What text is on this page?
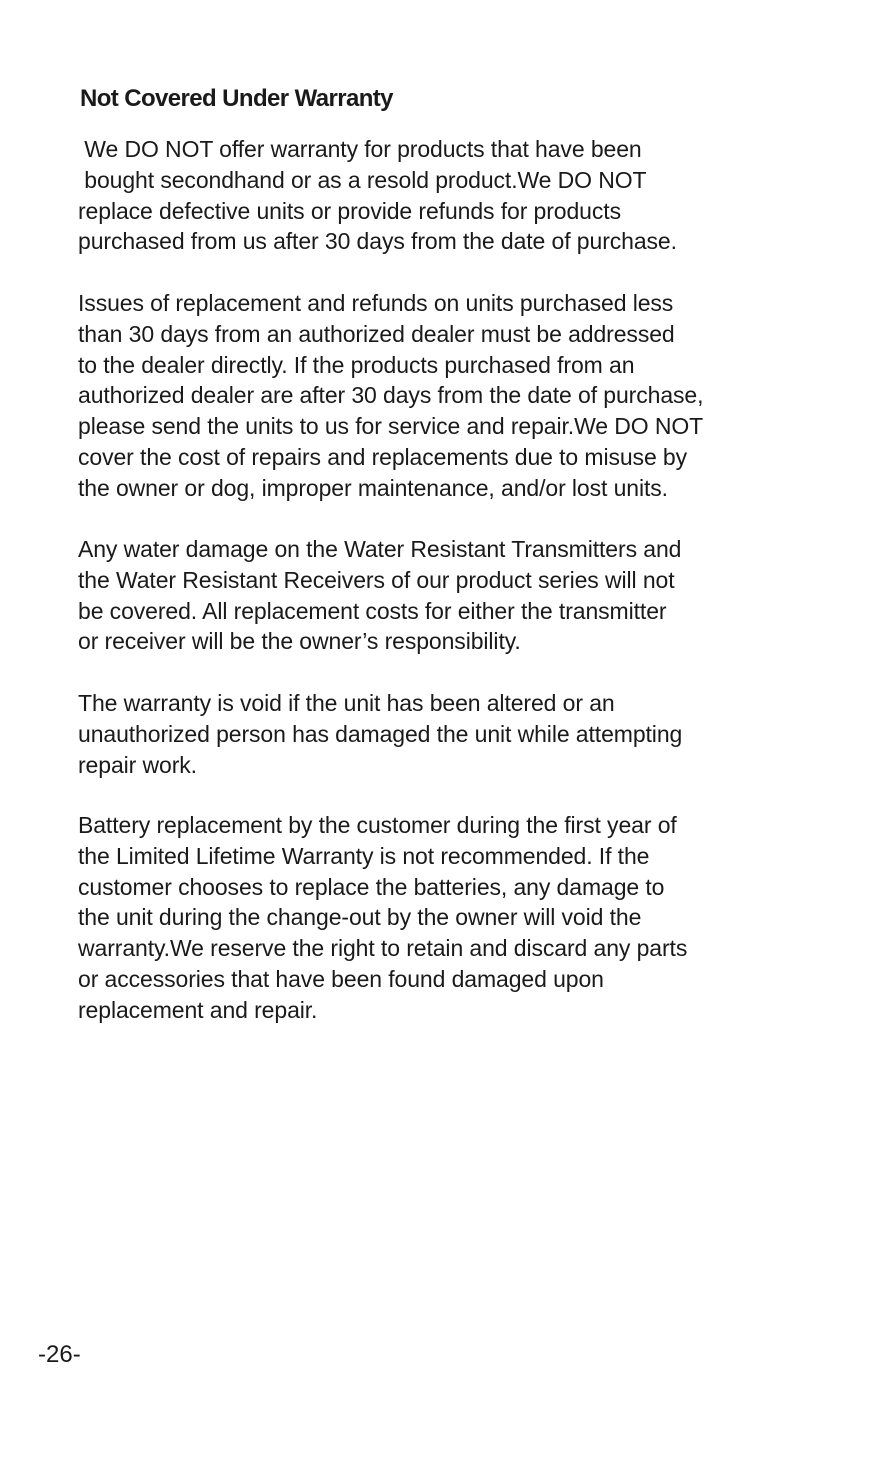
Not Covered Under Warranty
We DO NOT offer warranty for products that have been
bought secondhand or as a resold product.We DO NOT
replace defective units or provide refunds for products
purchased from us after 30 days from the date of purchase.
Issues of replacement and refunds on units purchased less
than 30 days from an authorized dealer must be addressed
to the dealer directly. If the products purchased from an
authorized dealer are after 30 days from the date of purchase,
please send the units to us for service and repair.We DO NOT
cover the cost of repairs and replacements due to misuse by
the owner or dog, improper maintenance, and/or lost units.
Any water damage on the Water Resistant Transmitters and
the Water Resistant Receivers of our product series will not
be covered. All replacement costs for either the transmitter
or receiver will be the owner’s responsibility.
The warranty is void if the unit has been altered or an
unauthorized person has damaged the unit while attempting
repair work.
Battery replacement by the customer during the first year of
the Limited Lifetime Warranty is not recommended. If the
customer chooses to replace the batteries, any damage to
the unit during the change-out by the owner will void the
warranty.We reserve the right to retain and discard any parts
or accessories that have been found damaged upon
replacement and repair.
-26-
